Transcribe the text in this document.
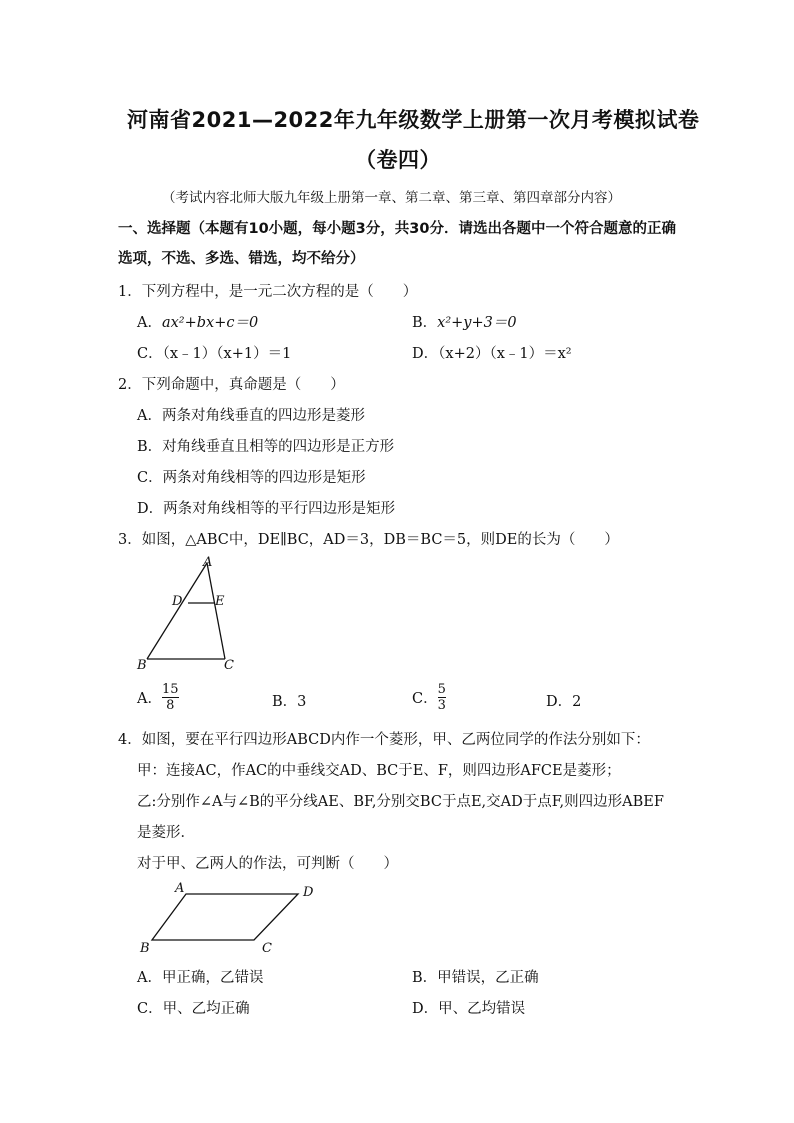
河南省2021—2022年九年级数学上册第一次月考模拟试卷
（卷四）
（考试内容北师大版九年级上册第一章、第二章、第三章、第四章部分内容）
一、选择题（本题有10小题，每小题3分，共30分．请选出各题中一个符合题意的正确
选项，不选、多选、错选，均不给分）
1．下列方程中，是一元二次方程的是（　　）
A．ax²+bx+c＝0	B．x²+y+3＝0
C．（x﹣1）（x+1）＝1	D．（x+2）（x﹣1）＝x²
2．下列命题中，真命题是（　　）
A．两条对角线垂直的四边形是菱形
B．对角线垂直且相等的四边形是正方形
C．两条对角线相等的四边形是矩形
D．两条对角线相等的平行四边形是矩形
3．如图，△ABC中，DE∥BC，AD＝3，DB＝BC＝5，则DE的长为（　　）
A
D	E
B	C
A． $\frac{15}{8}$	B．3	C． $\frac{5}{3}$	D．2
4．如图，要在平行四边形ABCD内作一个菱形，甲、乙两位同学的作法分别如下：
甲：连接AC，作AC的中垂线交AD、BC于E、F，则四边形AFCE是菱形；
乙:分别作∠A与∠B的平分线AE、BF,分别交BC于点E,交AD于点F,则四边形ABEF
是菱形．
对于甲、乙两人的作法，可判断（　　）
A	D
B	C
A．甲正确，乙错误	B．甲错误，乙正确
C．甲、乙均正确	D．甲、乙均错误
